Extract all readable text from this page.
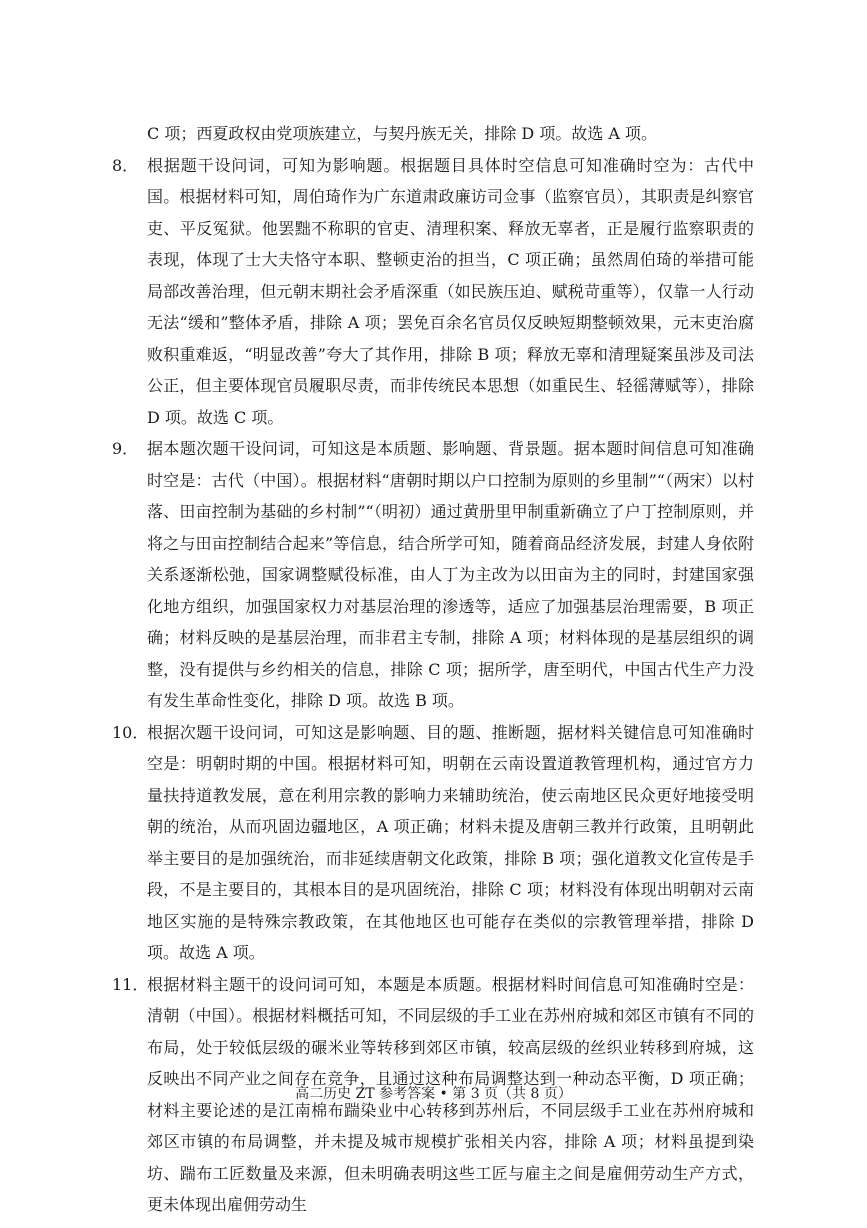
C 项；西夏政权由党项族建立，与契丹族无关，排除 D 项。故选 A 项。

8． 根据题干设问词，可知为影响题。根据题目具体时空信息可知准确时空为：古代中国。根据材料可知，周伯琦作为广东道肃政廉访司佥事（监察官员），其职责是纠察官吏、平反冤狱。他罢黜不称职的官吏、清理积案、释放无辜者，正是履行监察职责的表现，体现了士大夫恪守本职、整顿吏治的担当，C 项正确；虽然周伯琦的举措可能局部改善治理，但元朝末期社会矛盾深重（如民族压迫、赋税苛重等），仅靠一人行动无法“缓和”整体矛盾，排除 A 项；罢免百余名官员仅反映短期整顿效果，元末吏治腐败积重难返，“明显改善”夸大了其作用，排除 B 项；释放无辜和清理疑案虽涉及司法公正，但主要体现官员履职尽责，而非传统民本思想（如重民生、轻徭薄赋等），排除 D 项。故选 C 项。
9． 据本题次题干设问词，可知这是本质题、影响题、背景题。据本题时间信息可知准确时空是：古代（中国）。根据材料“唐朝时期以户口控制为原则的乡里制”“（两宋）以村落、田亩控制为基础的乡村制”“（明初）通过黄册里甲制重新确立了户丁控制原则，并将之与田亩控制结合起来”等信息，结合所学可知，随着商品经济发展，封建人身依附关系逐渐松弛，国家调整赋役标准，由人丁为主改为以田亩为主的同时，封建国家强化地方组织，加强国家权力对基层治理的渗透等，适应了加强基层治理需要，B 项正确；材料反映的是基层治理，而非君主专制，排除 A 项；材料体现的是基层组织的调整，没有提供与乡约相关的信息，排除 C 项；据所学，唐至明代，中国古代生产力没有发生革命性变化，排除 D 项。故选 B 项。
10．
根据次题干设问词，可知这是影响题、目的题、推断题，据材料关键信息可知准确时空是：明朝时期的中国。根据材料可知，明朝在云南设置道教管理机构，通过官方力量扶持道教发展，意在利用宗教的影响力来辅助统治，使云南地区民众更好地接受明朝的统治，从而巩固边疆地区，A 项正确；材料未提及唐朝三教并行政策，且明朝此举主要目的是加强统治，而非延续唐朝文化政策，排除 B 项；强化道教文化宣传是手段，不是主要目的，其根本目的是巩固统治，排除 C 项；材料没有体现出明朝对云南地区实施的是特殊宗教政策，在其他地区也可能存在类似的宗教管理举措，排除 D 项。故选 A 项。
11．
根据材料主题干的设问词可知，本题是本质题。根据材料时间信息可知准确时空是：清朝（中国）。根据材料概括可知，不同层级的手工业在苏州府城和郊区市镇有不同的布局，处于较低层级的碾米业等转移到郊区市镇，较高层级的丝织业转移到府城，这反映出不同产业之间存在竞争，且通过这种布局调整达到一种动态平衡，D 项正确；材料主要论述的是江南棉布踹染业中心转移到苏州后，不同层级手工业在苏州府城和郊区市镇的布局调整，并未提及城市规模扩张相关内容，排除 A 项；材料虽提到染坊、踹布工匠数量及来源，但未明确表明这些工匠与雇主之间是雇佣劳动生产方式，更未体现出雇佣劳动生
高二历史 ZT 参考答案 • 第 3 页（共 8 页）
